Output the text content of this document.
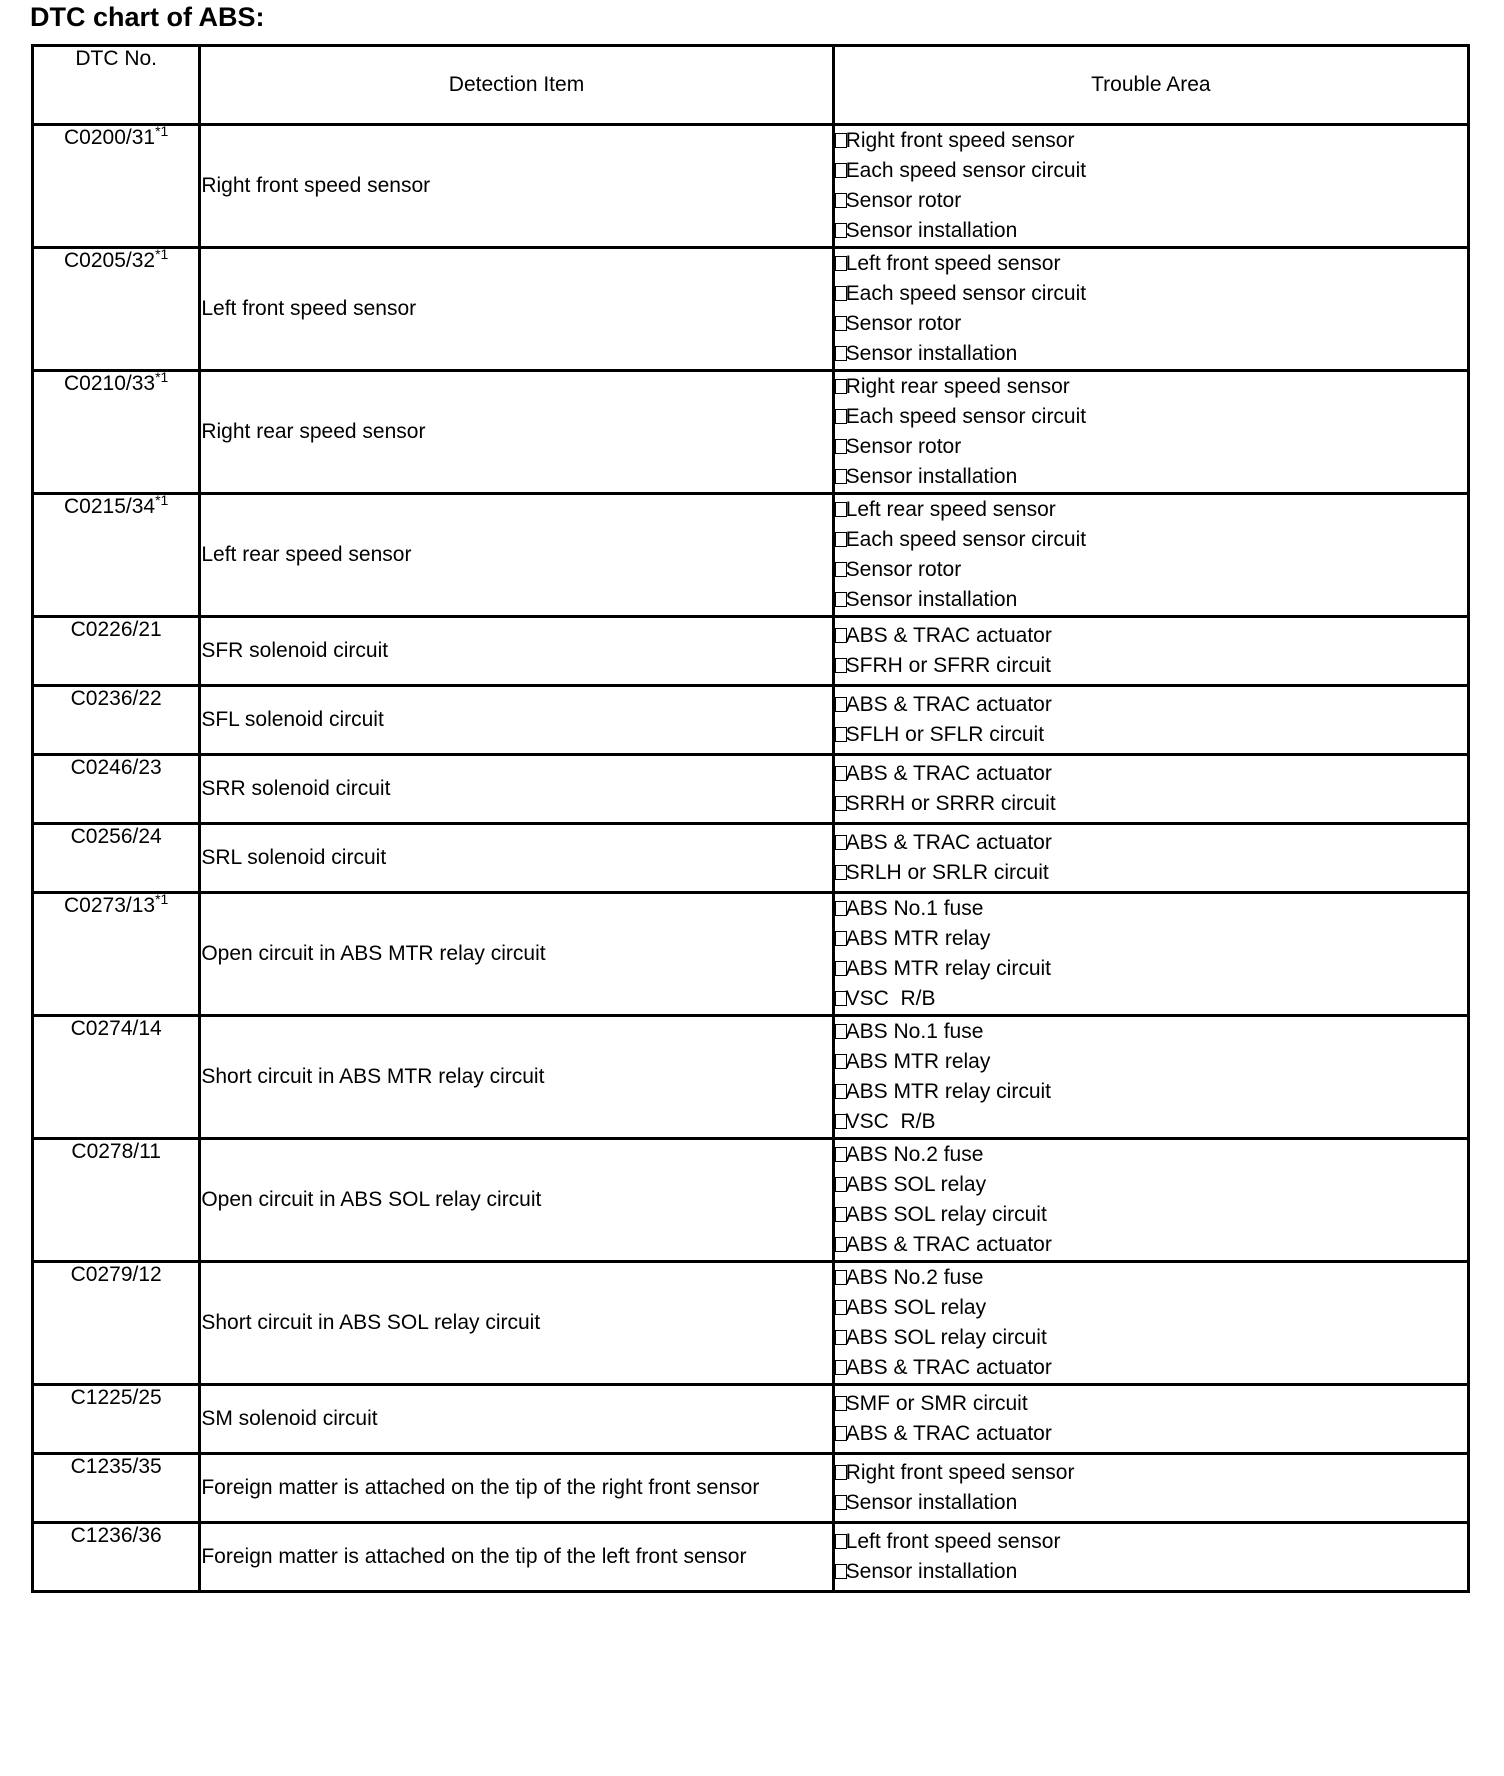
DTC chart of ABS:
DTC No.	Detection Item	Trouble Area
C0200/31$^{*1}$	Right front speed sensor	Right front speed sensor
Each speed sensor circuit
Sensor rotor
Sensor installation

C0205/32$^{*1}$	Left front speed sensor	Left front speed sensor
Each speed sensor circuit
Sensor rotor
Sensor installation

C0210/33$^{*1}$	Right rear speed sensor	Right rear speed sensor
Each speed sensor circuit
Sensor rotor
Sensor installation

C0215/34$^{*1}$	Left rear speed sensor	Left rear speed sensor
Each speed sensor circuit
Sensor rotor
Sensor installation

C0226/21	SFR solenoid circuit	ABS & TRAC actuator
SFRH or SFRR circuit

C0236/22	SFL solenoid circuit	ABS & TRAC actuator
SFLH or SFLR circuit

C0246/23	SRR solenoid circuit	ABS & TRAC actuator
SRRH or SRRR circuit

C0256/24	SRL solenoid circuit	ABS & TRAC actuator
SRLH or SRLR circuit

C0273/13$^{*1}$	Open circuit in ABS MTR relay circuit	ABS No.1 fuse
ABS MTR relay
ABS MTR relay circuit
VSC  R/B

C0274/14	Short circuit in ABS MTR relay circuit	ABS No.1 fuse
ABS MTR relay
ABS MTR relay circuit
VSC  R/B

C0278/11	Open circuit in ABS SOL relay circuit	ABS No.2 fuse
ABS SOL relay
ABS SOL relay circuit
ABS & TRAC actuator

C0279/12	Short circuit in ABS SOL relay circuit	ABS No.2 fuse
ABS SOL relay
ABS SOL relay circuit
ABS & TRAC actuator

C1225/25	SM solenoid circuit	SMF or SMR circuit
ABS & TRAC actuator

C1235/35	Foreign matter is attached on the tip of the right front sensor	Right front speed sensor
Sensor installation

C1236/36	Foreign matter is attached on the tip of the left front sensor	Left front speed sensor
Sensor installation
